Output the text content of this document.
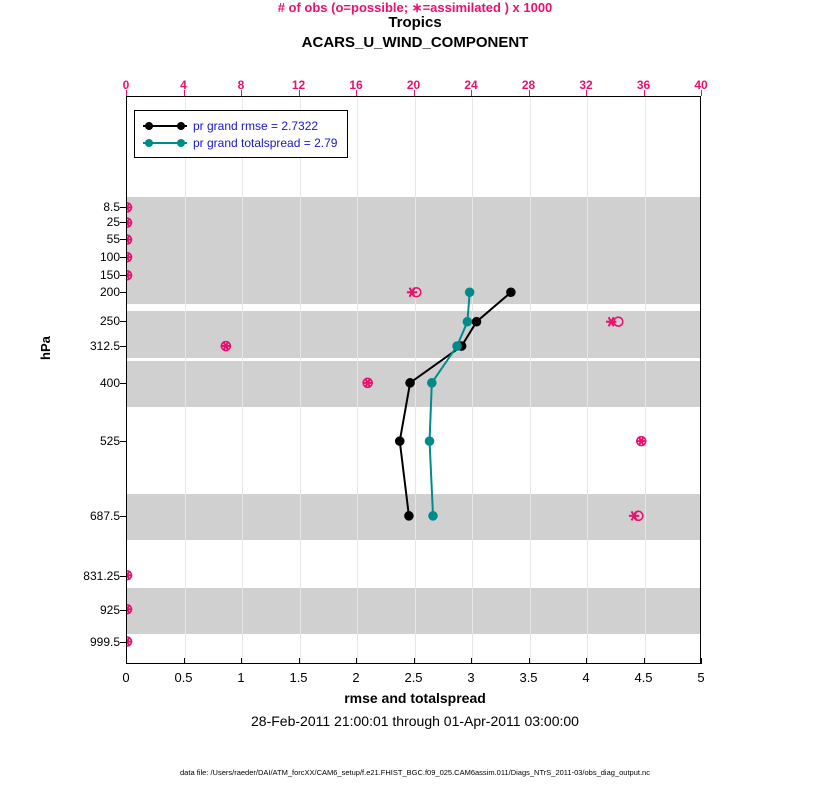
Tropics
ACARS_U_WIND_COMPONENT
# of obs (o=possible; ∗=assimilated ) x 1000
pr grand rmse = 2.7322
pr grand totalspread = 2.79
hPa
rmse and totalspread
28-Feb-2011 21:00:01 through 01-Apr-2011 03:00:00
data file: /Users/raeder/DAI/ATM_forcXX/CAM6_setup/f.e21.FHIST_BGC.f09_025.CAM6assim.011/Diags_NTrS_2011-03/obs_diag_output.nc
0	0.5	1	1.5	2	2.5	3	3.5	4	4.5	5
0	4	8	12	16	20	24	28	32	36	40
8.5
25
55
100
150
200
250
312.5
400
525
687.5
831.25
925
999.5
